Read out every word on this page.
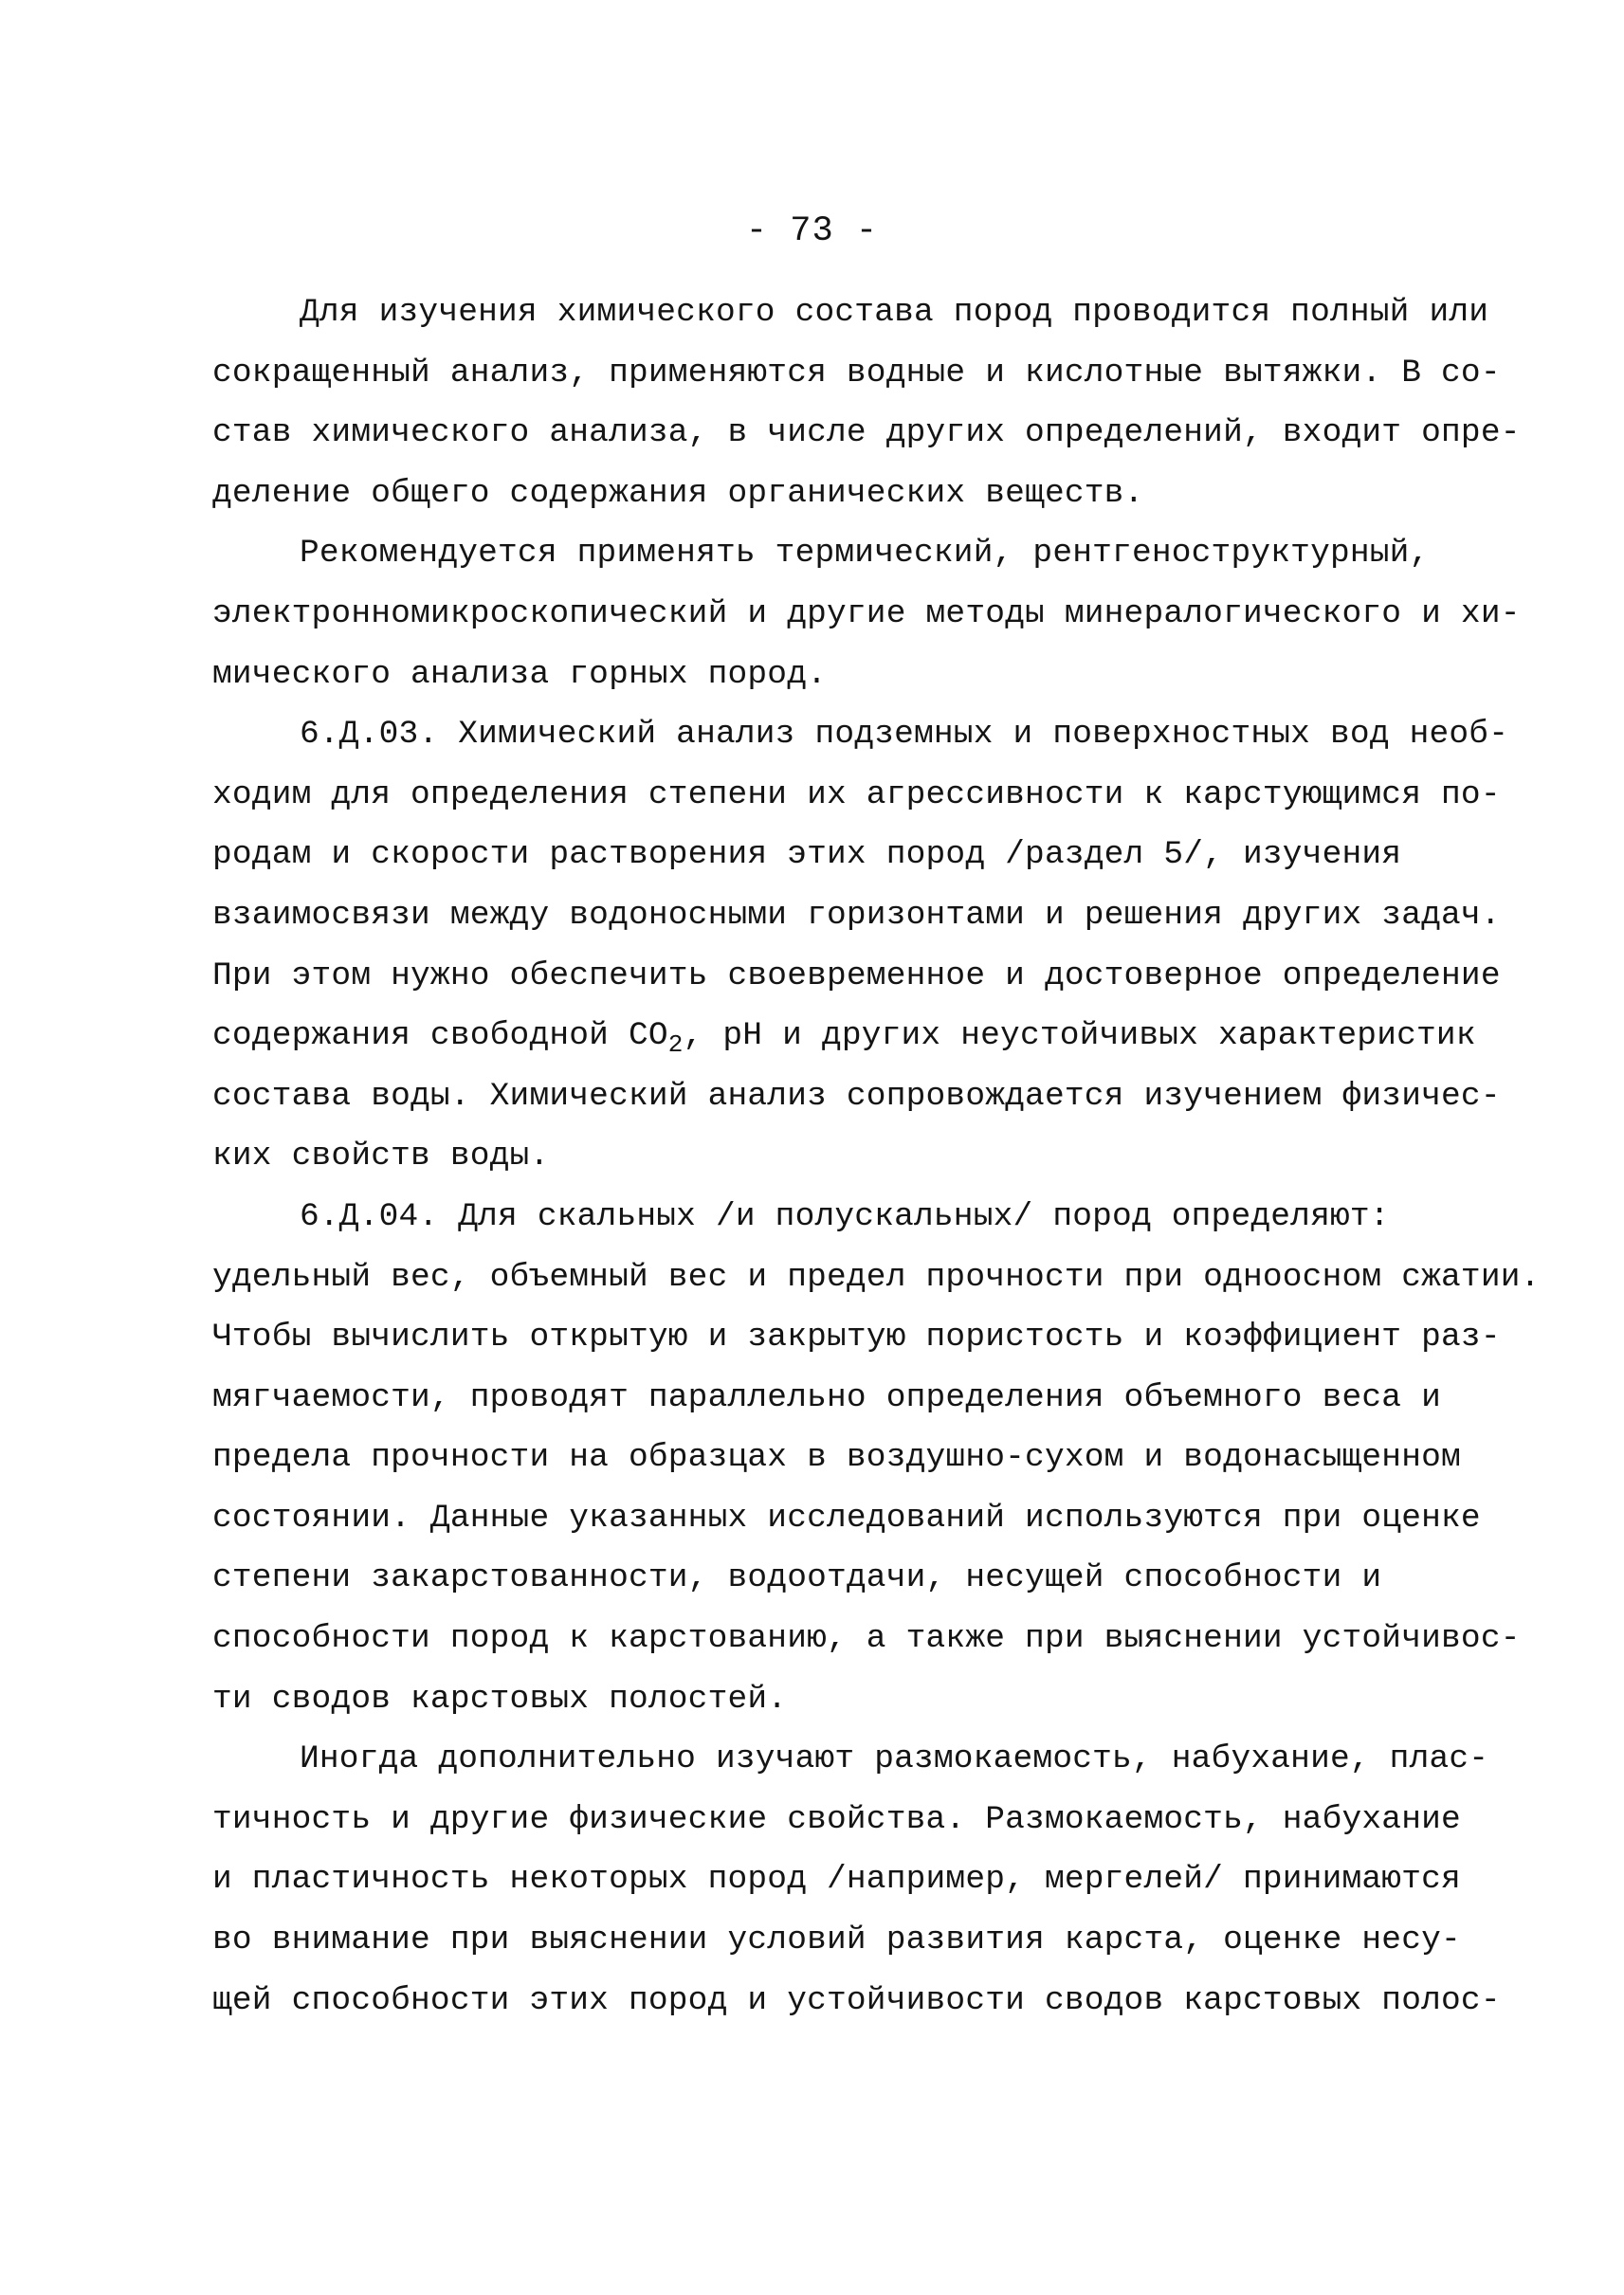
- 73 -
Для изучения химического состава пород проводится полный или
сокращенный анализ, применяются водные и кислотные вытяжки. В со-
став химического анализа, в числе других определений, входит опре-
деление общего содержания органических веществ.
Рекомендуется применять термический, рентгеноструктурный,
электронномикроскопический и другие методы минералогического и хи-
мического анализа горных пород.
6.Д.03. Химический анализ подземных и поверхностных вод необ-
ходим для определения степени их агрессивности к карстующимся по-
родам и скорости растворения этих пород /раздел 5/, изучения
взаимосвязи между водоносными горизонтами и решения других задач.
При этом нужно обеспечить своевременное и достоверное определение
содержания свободной $CO_2$, pH и других неустойчивых характеристик
состава воды. Химический анализ сопровождается изучением физичес-
ких свойств воды.
6.Д.04. Для скальных /и полускальных/ пород определяют:
удельный вес, объемный вес и предел прочности при одноосном сжатии.
Чтобы вычислить открытую и закрытую пористость и коэффициент раз-
мягчаемости, проводят параллельно определения объемного веса и
предела прочности на образцах в воздушно-сухом и водонасыщенном
состоянии. Данные указанных исследований используются при оценке
степени закарстованности, водоотдачи, несущей способности и
способности пород к карстованию, а также при выяснении устойчивос-
ти сводов карстовых полостей.
Иногда дополнительно изучают размокаемость, набухание, плас-
тичность и другие физические свойства. Размокаемость, набухание
и пластичность некоторых пород /например, мергелей/ принимаются
во внимание при выяснении условий развития карста, оценке несу-
щей способности этих пород и устойчивости сводов карстовых полос-
